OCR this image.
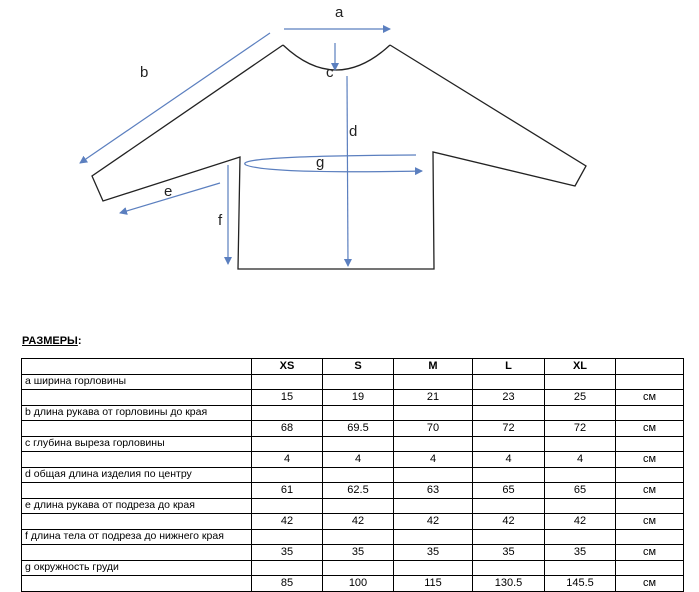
a
b	c
d
g
e
f
РАЗМЕРЫ:
	XS	S	M	L	XL	
a ширина горловины						
	15	19	21	23	25	см
b длина рукава от горловины до края						
	68	69.5	70	72	72	см
c глубина выреза горловины						
	4	4	4	4	4	см
d общая длина изделия по центру						
	61	62.5	63	65	65	см
e длина рукава от подреза до края						
	42	42	42	42	42	см
f длина тела от подреза до нижнего края						
	35	35	35	35	35	см
g окружность груди						
	85	100	115	130.5	145.5	см
